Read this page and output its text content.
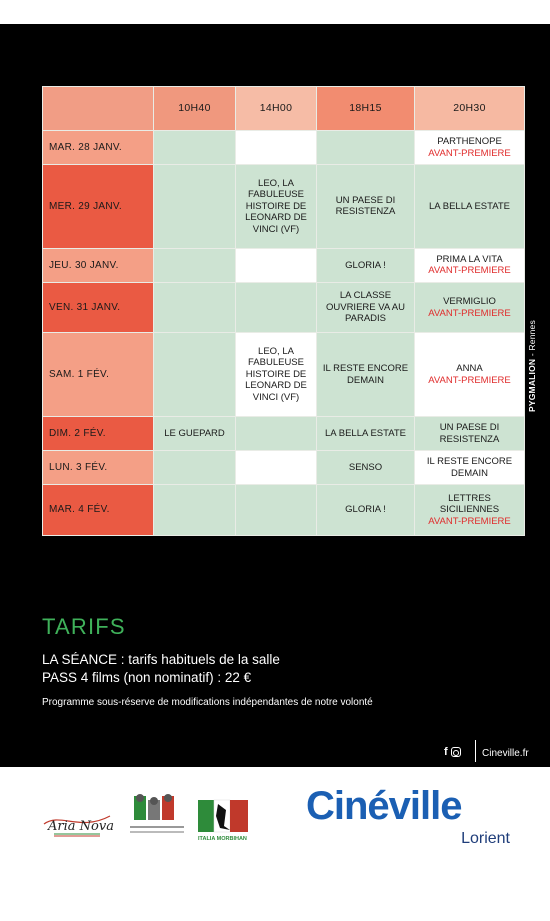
	10H40	14H00	18H15	20H30
MAR. 28 JANV.				PARTHENOPE
AVANT-PREMIERE

MER. 29 JANV.		LEO, LA FABULEUSE HISTOIRE DE LEONARD DE VINCI (VF)	UN PAESE DI RESISTENZA	LA BELLA ESTATE

JEU. 30 JANV.			GLORIA !	PRIMA LA VITA
AVANT-PREMIERE

VEN. 31 JANV.			LA CLASSE OUVRIERE VA AU PARADIS	VERMIGLIO
AVANT-PREMIERE

SAM. 1 FÉV.		LEO, LA FABULEUSE HISTOIRE DE LEONARD DE VINCI (VF)	IL RESTE ENCORE DEMAIN	ANNA
AVANT-PREMIERE

DIM. 2 FÉV.	LE GUEPARD		LA BELLA ESTATE	UN PAESE DI RESISTENZA

LUN. 3 FÉV.			SENSO	IL RESTE ENCORE DEMAIN

MAR. 4 FÉV.			GLORIA !	LETTRES SICILIENNES
AVANT-PREMIERE
PYGMALION - Rennes
TARIFS
LA SÉANCE : tarifs habituels de la salle
PASS 4 films (non nominatif) : 22 €
Programme sous-réserve de modifications indépendantes de notre volonté
f	Cineville.fr
Aria Nova
ITALIA MORBIHAN
Cinéville
Lorient
